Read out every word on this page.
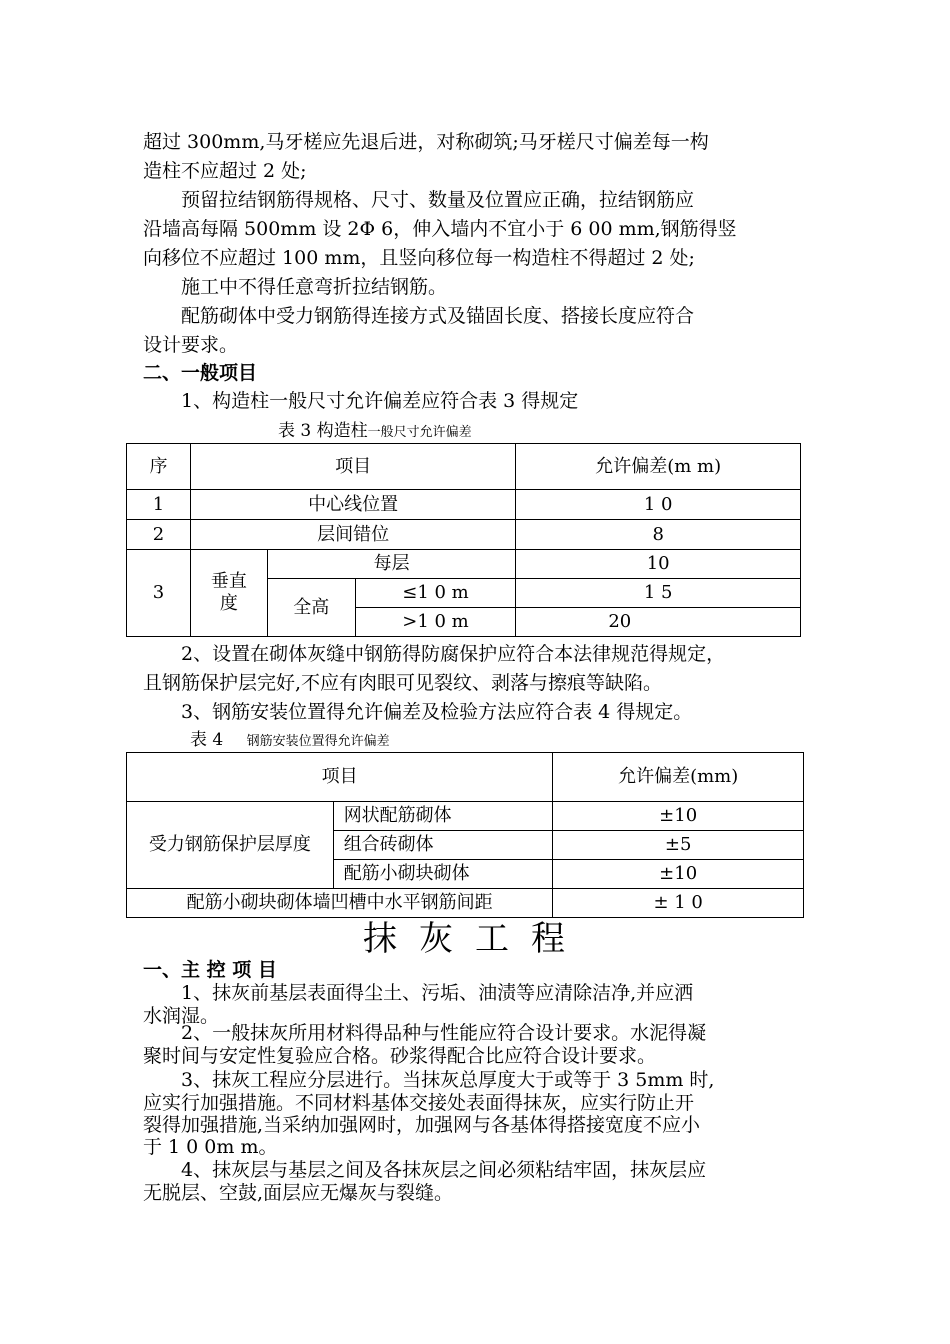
超过 300mm,马牙槎应先退后进，对称砌筑;马牙槎尺寸偏差每一构
造柱不应超过 2 处;
预留拉结钢筋得规格、尺寸、数量及位置应正确，拉结钢筋应
沿墙高每隔 500mm 设 2Φ 6，伸入墙内不宜小于 6 00 mm,钢筋得竖
向移位不应超过 100 mm，且竖向移位每一构造柱不得超过 2 处;
施工中不得任意弯折拉结钢筋。
配筋砌体中受力钢筋得连接方式及锚固长度、搭接长度应符合
设计要求。
二、一般项目
1、构造柱一般尺寸允许偏差应符合表 3 得规定
表 3 构造柱一般尺寸允许偏差
序	项目			允许偏差(m m)
1	中心线位置			1 0
2	层间错位			8
3	垂直度	每层		10
		全高	≤1 0 m	1 5
			>1 0 m	20
2、设置在砌体灰缝中钢筋得防腐保护应符合本法律规范得规定，
且钢筋保护层完好,不应有肉眼可见裂纹、剥落与擦痕等缺陷。
3、钢筋安装位置得允许偏差及检验方法应符合表 4 得规定。
表 4 钢筋安装位置得允许偏差
项目		允许偏差(mm)
受力钢筋保护层厚度	网状配筋砌体	±10
	组合砖砌体	±5
	配筋小砌块砌体	±10
配筋小砌块砌体墙凹槽中水平钢筋间距		± 1 0
抹灰工程
一、主 控 项 目
1、抹灰前基层表面得尘土、污垢、油渍等应清除洁净,并应洒
水润湿。
2、一般抹灰所用材料得品种与性能应符合设计要求。水泥得凝
聚时间与安定性复验应合格。砂浆得配合比应符合设计要求。
3、抹灰工程应分层进行。当抹灰总厚度大于或等于 3 5mm 时,
应实行加强措施。不同材料基体交接处表面得抹灰，应实行防止开
裂得加强措施,当采纳加强网时，加强网与各基体得搭接宽度不应小
于 1 0 0m m。
4、抹灰层与基层之间及各抹灰层之间必须粘结牢固，抹灰层应
无脱层、空鼓,面层应无爆灰与裂缝。
